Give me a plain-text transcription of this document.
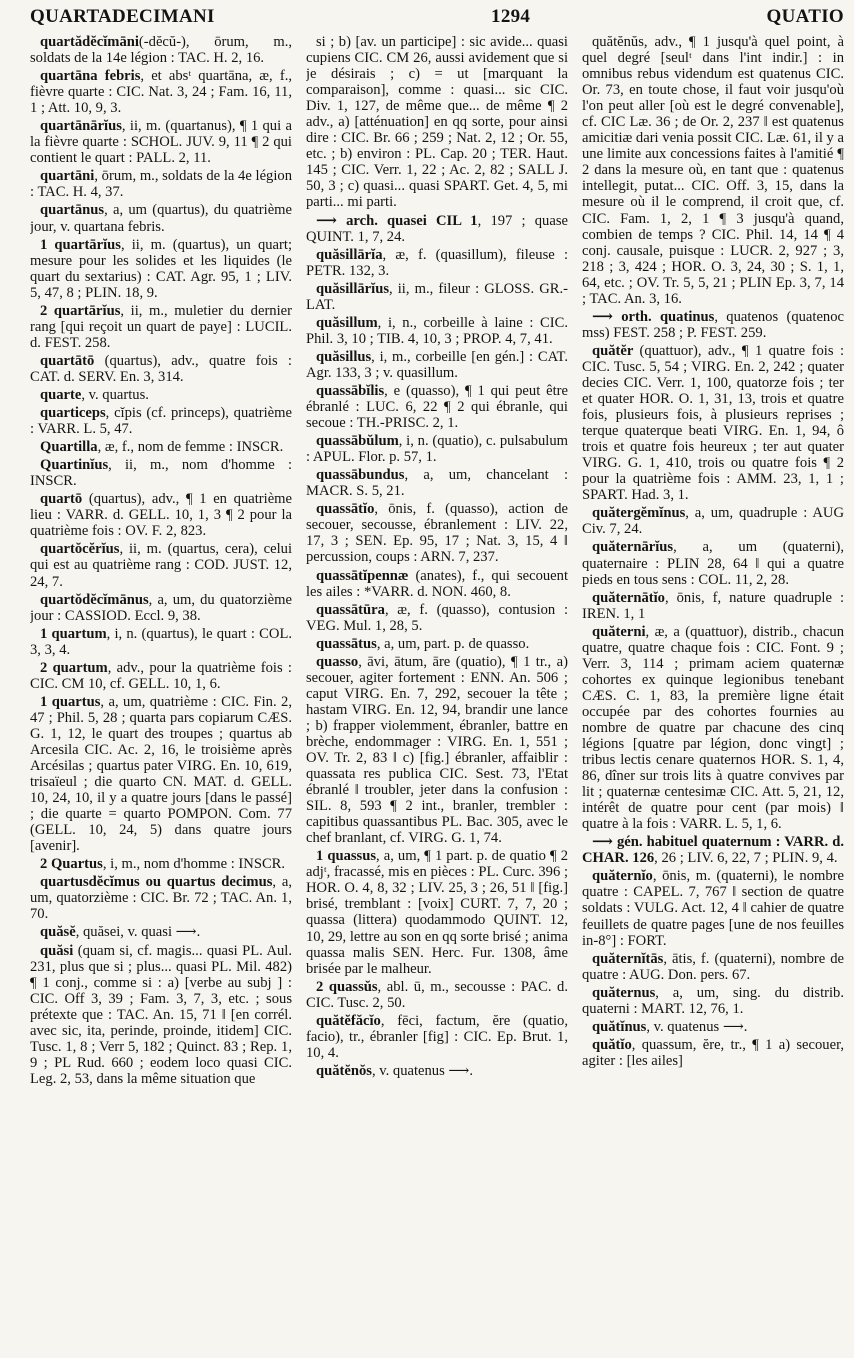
QUARTADECIMANI	1294	QUATIO

quartădĕcĭmāni(-dĕcŭ-), ōrum, m., soldats de la 14e légion : TAC. H. 2, 16.

quartāna febris, et absᵗ quartāna, æ, f., fièvre quarte : CIC. Nat. 3, 24 ; Fam. 16, 11, 1 ; Att. 10, 9, 3.

quartānārĭus, ii, m. (quartanus), ¶ 1 qui a la fièvre quarte : SCHOL. JUV. 9, 11 ¶ 2 qui contient le quart : PALL. 2, 11.

quartāni, ōrum, m., soldats de la 4e légion : TAC. H. 4, 37.

quartānus, a, um (quartus), du quatrième jour, v. quartana febris.

1 quartārĭus, ii, m. (quartus), un quart; mesure pour les solides et les liquides (le quart du sextarius) : CAT. Agr. 95, 1 ; LIV. 5, 47, 8 ; PLIN. 18, 9.

2 quartārĭus, ii, m., muletier du dernier rang [qui reçoit un quart de paye] : LUCIL. d. FEST. 258.

quartātō (quartus), adv., quatre fois : CAT. d. SERV. En. 3, 314.

quarte, v. quartus.

quarticeps, cĭpis (cf. princeps), quatrième : VARR. L. 5, 47.

Quartilla, æ, f., nom de femme : INSCR.

Quartinĭus, ii, m., nom d'homme : INSCR.

quartō (quartus), adv., ¶ 1 en quatrième lieu : VARR. d. GELL. 10, 1, 3 ¶ 2 pour la quatrième fois : OV. F. 2, 823.

quartŏcĕrĭus, ii, m. (quartus, cera), celui qui est au quatrième rang : COD. JUST. 12, 24, 7.

quartŏdĕcĭmānus, a, um, du quatorzième jour : CASSIOD. Eccl. 9, 38.

1 quartum, i, n. (quartus), le quart : COL. 3, 3, 4.

2 quartum, adv., pour la quatrième fois : CIC. CM 10, cf. GELL. 10, 1, 6.

1 quartus, a, um, quatrième : CIC. Fin. 2, 47 ; Phil. 5, 28 ; quarta pars copiarum CÆS. G. 1, 12, le quart des troupes ; quartus ab Arcesila CIC. Ac. 2, 16, le troisième après Arcésilas ; quartus pater VIRG. En. 10, 619, trisaïeul ; die quarto CN. MAT. d. GELL. 10, 24, 10, il y a quatre jours [dans le passé] ; die quarte = quarto POMPON. Com. 77 (GELL. 10, 24, 5) dans quatre jours [avenir].

2 Quartus, i, m., nom d'homme : INSCR.

quartusdĕcĭmus ou quartus decimus, a, um, quatorzième : CIC. Br. 72 ; TAC. An. 1, 70.

quăsĕ, quăsei, v. quasi ⟶.

quăsi (quam si, cf. magis... quasi PL. Aul. 231, plus que si ; plus... quasi PL. Mil. 482) ¶ 1 conj., comme si : a) [verbe au subj ] : CIC. Off 3, 39 ; Fam. 3, 7, 3, etc. ; sous prétexte que : TAC. An. 15, 71 ‖ [en corrél. avec sic, ita, perinde, proinde, itidem] CIC. Tusc. 1, 8 ; Verr 5, 182 ; Quinct. 83 ; Rep. 1, 9 ; PL Rud. 660 ; eodem loco quasi CIC. Leg. 2, 53, dans la même situation que

si ; b) [av. un participe] : sic avide... quasi cupiens CIC. CM 26, aussi avidement que si je désirais ; c) = ut [marquant la comparaison], comme : quasi... sic CIC. Div. 1, 127, de même que... de même ¶ 2 adv., a) [atténuation] en qq sorte, pour ainsi dire : CIC. Br. 66 ; 259 ; Nat. 2, 12 ; Or. 55, etc. ; b) environ : PL. Cap. 20 ; TER. Haut. 145 ; CIC. Verr. 1, 22 ; Ac. 2, 82 ; SALL J. 50, 3 ; c) quasi... quasi SPART. Get. 4, 5, mi parti... mi parti.

⟶ arch. quasei CIL 1, 197 ; quase QUINT. 1, 7, 24.

quăsillārĭa, æ, f. (quasillum), fileuse : PETR. 132, 3.

quăsillārĭus, ii, m., fileur : GLOSS. GR.-LAT.

quăsillum, i, n., corbeille à laine : CIC. Phil. 3, 10 ; TIB. 4, 10, 3 ; PROP. 4, 7, 41.

quăsillus, i, m., corbeille [en gén.] : CAT. Agr. 133, 3 ; v. quasillum.

quassābĭlis, e (quasso), ¶ 1 qui peut être ébranlé : LUC. 6, 22 ¶ 2 qui ébranle, qui secoue : TH.-PRISC. 2, 1.

quassābŭlum, i, n. (quatio), c. pulsabulum : APUL. Flor. p. 57, 1.

quassābundus, a, um, chancelant : MACR. S. 5, 21.

quassātĭo, ōnis, f. (quasso), action de secouer, secousse, ébranlement : LIV. 22, 17, 3 ; SEN. Ep. 95, 17 ; Nat. 3, 15, 4 ‖ percussion, coups : ARN. 7, 237.

quassātĭpennæ (anates), f., qui secouent les ailes : *VARR. d. NON. 460, 8.

quassātūra, æ, f. (quasso), contusion : VEG. Mul. 1, 28, 5.

quassātus, a, um, part. p. de quasso.

quasso, āvi, ātum, āre (quatio), ¶ 1 tr., a) secouer, agiter fortement : ENN. An. 506 ; caput VIRG. En. 7, 292, secouer la tête ; hastam VIRG. En. 12, 94, brandir une lance ; b) frapper violemment, ébranler, battre en brèche, endommager : VIRG. En. 1, 551 ; OV. Tr. 2, 83 ‖ c) [fig.] ébranler, affaiblir : quassata res publica CIC. Sest. 73, l'Etat ébranlé ‖ troubler, jeter dans la confusion : SIL. 8, 593 ¶ 2 int., branler, trembler : capitibus quassantibus PL. Bac. 305, avec le chef branlant, cf. VIRG. G. 1, 74.

1 quassus, a, um, ¶ 1 part. p. de quatio ¶ 2 adjᵗ, fracassé, mis en pièces : PL. Curc. 396 ; HOR. O. 4, 8, 32 ; LIV. 25, 3 ; 26, 51 ‖ [fig.] brisé, tremblant : [voix] CURT. 7, 7, 20 ; quassa (littera) quodammodo QUINT. 12, 10, 29, lettre au son en qq sorte brisé ; anima quassa malis SEN. Herc. Fur. 1308, âme brisée par le malheur.

2 quassŭs, abl. ū, m., secousse : PAC. d. CIC. Tusc. 2, 50.

quătĕfăcĭo, fēci, factum, ĕre (quatio, facio), tr., ébranler [fig] : CIC. Ep. Brut. 1, 10, 4.

quătĕnŏs, v. quatenus ⟶.

quătĕnŭs, adv., ¶ 1 jusqu'à quel point, à quel degré [seulᵗ dans l'int indir.] : in omnibus rebus videndum est quatenus CIC. Or. 73, en toute chose, il faut voir jusqu'où l'on peut aller [où est le degré convenable], cf. CIC Læ. 36 ; de Or. 2, 237 ‖ est quatenus amicitiæ dari venia possit CIC. Læ. 61, il y a une limite aux concessions faites à l'amitié ¶ 2 dans la mesure où, en tant que : quatenus intellegit, putat... CIC. Off. 3, 15, dans la mesure où il le comprend, il croit que, cf. CIC. Fam. 1, 2, 1 ¶ 3 jusqu'à quand, combien de temps ? CIC. Phil. 14, 14 ¶ 4 conj. causale, puisque : LUCR. 2, 927 ; 3, 218 ; 3, 424 ; HOR. O. 3, 24, 30 ; S. 1, 1, 64, etc. ; OV. Tr. 5, 5, 21 ; PLIN Ep. 3, 7, 14 ; TAC. An. 3, 16.

⟶ orth. quatinus, quatenos (quatenoc mss) FEST. 258 ; P. FEST. 259.

quătĕr (quattuor), adv., ¶ 1 quatre fois : CIC. Tusc. 5, 54 ; VIRG. En. 2, 242 ; quater decies CIC. Verr. 1, 100, quatorze fois ; ter et quater HOR. O. 1, 31, 13, trois et quatre fois, plusieurs fois, à plusieurs reprises ; terque quaterque beati VIRG. En. 1, 94, ô trois et quatre fois heureux ; ter aut quater VIRG. G. 1, 410, trois ou quatre fois ¶ 2 pour la quatrième fois : AMM. 23, 1, 1 ; SPART. Had. 3, 1.

quătergĕmĭnus, a, um, quadruple : AUG Civ. 7, 24.

quăternārĭus, a, um (quaterni), quaternaire : PLIN 28, 64 ‖ qui a quatre pieds en tous sens : COL. 11, 2, 28.

quăternātĭo, ōnis, f, nature quadruple : IREN. 1, 1

quăterni, æ, a (quattuor), distrib., chacun quatre, quatre chaque fois : CIC. Font. 9 ; Verr. 3, 114 ; primam aciem quaternæ cohortes ex quinque legionibus tenebant CÆS. C. 1, 83, la première ligne était occupée par des cohortes fournies au nombre de quatre par chacune des cinq légions [quatre par légion, donc vingt] ; tribus lectis cenare quaternos HOR. S. 1, 4, 86, dîner sur trois lits à quatre convives par lit ; quaternæ centesimæ CIC. Att. 5, 21, 12, intérêt de quatre pour cent (par mois) ‖ quatre à la fois : VARR. L. 5, 1, 6.

⟶ gén. habituel quaternum : VARR. d. CHAR. 126, 26 ; LIV. 6, 22, 7 ; PLIN. 9, 4.

quăternĭo, ōnis, m. (quaterni), le nombre quatre : CAPEL. 7, 767 ‖ section de quatre soldats : VULG. Act. 12, 4 ‖ cahier de quatre feuillets de quatre pages [une de nos feuilles in-8°] : FORT.

quăternĭtās, ātis, f. (quaterni), nombre de quatre : AUG. Don. pers. 67.

quăternus, a, um, sing. du distrib. quaterni : MART. 12, 76, 1.

quătĭnus, v. quatenus ⟶.

quătĭo, quassum, ĕre, tr., ¶ 1 a) secouer, agiter : [les ailes]
